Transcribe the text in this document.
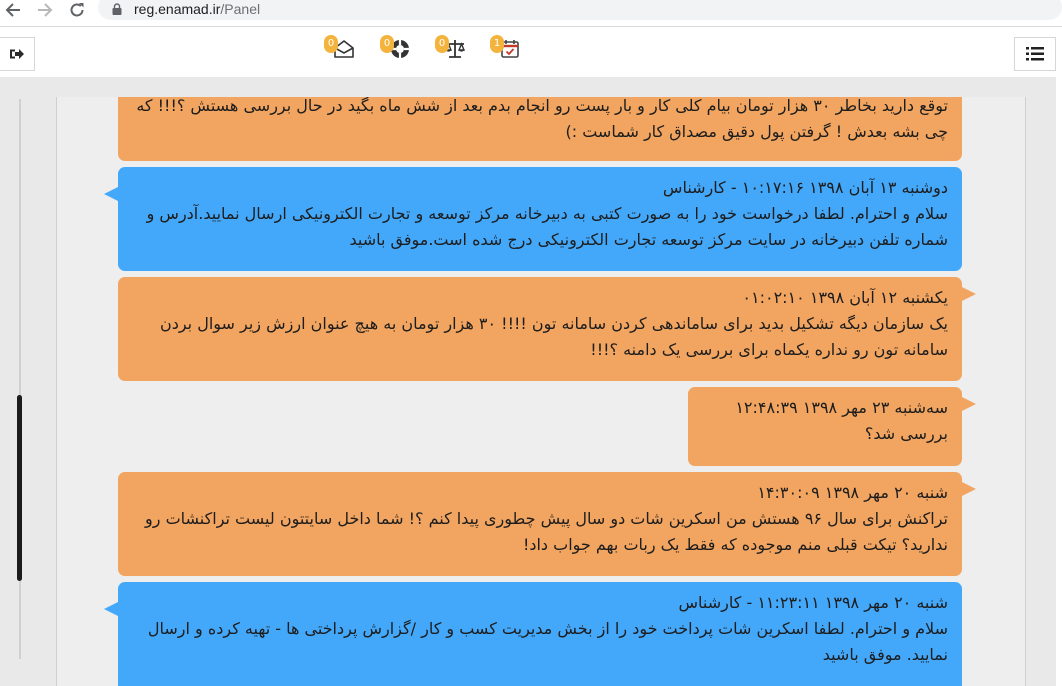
reg.enamad.ir/Panel
0	0	0	1
توقع دارید بخاطر ۳۰ هزار تومان بیام کلی کار و بار پست رو انجام بدم بعد از شش ماه بگید در حال بررسی هستش ؟!!! که چی بشه بعدش ! گرفتن پول دقیق مصداق کار شماست :)
دوشنبه ۱۳ آبان ۱۳۹۸ ۱۰:۱۷:۱۶ - کارشناس
سلام و احترام. لطفا درخواست خود را به صورت کتبی به دبیرخانه مرکز توسعه و تجارت الکترونیکی ارسال نمایید.آدرس و شماره تلفن دبیرخانه در سایت مرکز توسعه تجارت الکترونیکی درج شده است.موفق باشید
یکشنبه ۱۲ آبان ۱۳۹۸ ۰۱:۰۲:۱۰
یک سازمان دیگه تشکیل بدید برای ساماندهی کردن سامانه تون !!!! ۳۰ هزار تومان به هیچ عنوان ارزش زیر سوال بردن سامانه تون رو نداره یکماه برای بررسی یک دامنه ؟!!!
سه‌شنبه ۲۳ مهر ۱۳۹۸ ۱۲:۴۸:۳۹
بررسی شد؟
شنبه ۲۰ مهر ۱۳۹۸ ۱۴:۳۰:۰۹
تراکنش برای سال ۹۶ هستش من اسکرین شات دو سال پیش چطوری پیدا کنم ؟! شما داخل سایتتون لیست تراکنشات رو ندارید؟ تیکت قبلی منم موجوده که فقط یک ربات بهم جواب داد!
شنبه ۲۰ مهر ۱۳۹۸ ۱۱:۲۳:۱۱ - کارشناس
سلام و احترام. لطفا اسکرین شات پرداخت خود را از بخش مدیریت کسب و کار /گزارش پرداختی ها - تهیه کرده و ارسال نمایید. موفق باشید
